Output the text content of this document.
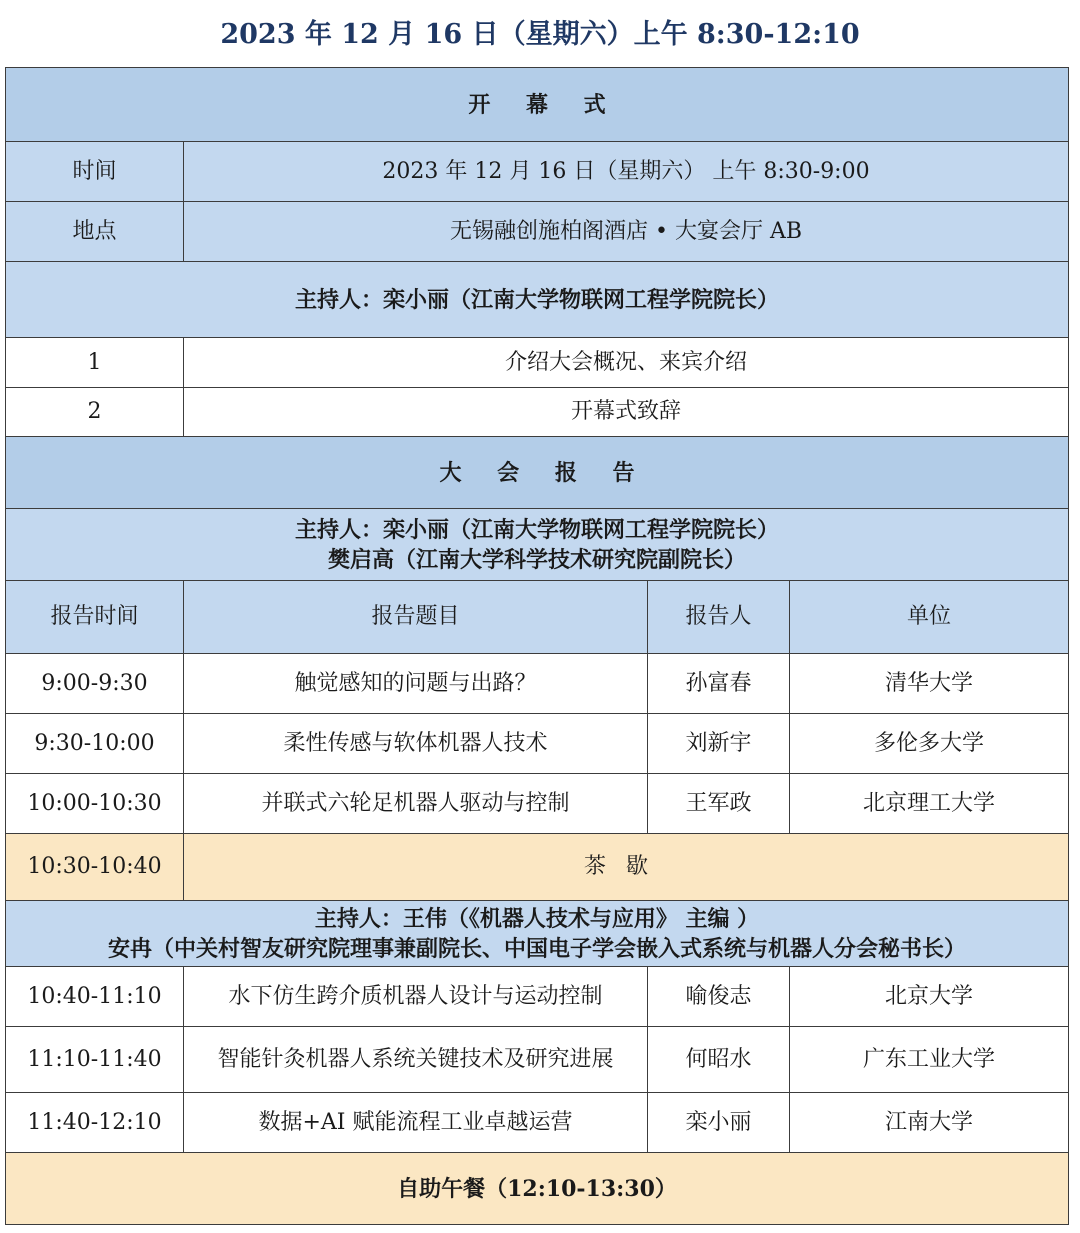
2023 年 12 月 16 日（星期六）上午 8:30-12:10
开 幕 式			
时间	2023 年 12 月 16 日（星期六） 上午 8:30-9:00		
地点	无锡融创施柏阁酒店 • 大宴会厅 AB		
主持人：栾小丽（江南大学物联网工程学院院长）			
1	介绍大会概况、来宾介绍		
2	开幕式致辞		
大 会 报 告			

主持人：栾小丽（江南大学物联网工程学院院长）
樊启高（江南大学科学技术研究院副院长）			

报告时间	报告题目	报告人	单位
9:00-9:30	触觉感知的问题与出路？	孙富春	清华大学
9:30-10:00	柔性传感与软体机器人技术	刘新宇	多伦多大学
10:00-10:30	并联式六轮足机器人驱动与控制	王军政	北京理工大学
10:30-10:40	茶歇		

主持人：王伟（《机器人技术与应用》 主编 ）
安冉（中关村智友研究院理事兼副院长、中国电子学会嵌入式系统与机器人分会秘书长）			

10:40-11:10	水下仿生跨介质机器人设计与运动控制	喻俊志	北京大学
11:10-11:40	智能针灸机器人系统关键技术及研究进展	何昭水	广东工业大学
11:40-12:10	数据+AI 赋能流程工业卓越运营	栾小丽	江南大学
自助午餐（12:10-13:30）			
